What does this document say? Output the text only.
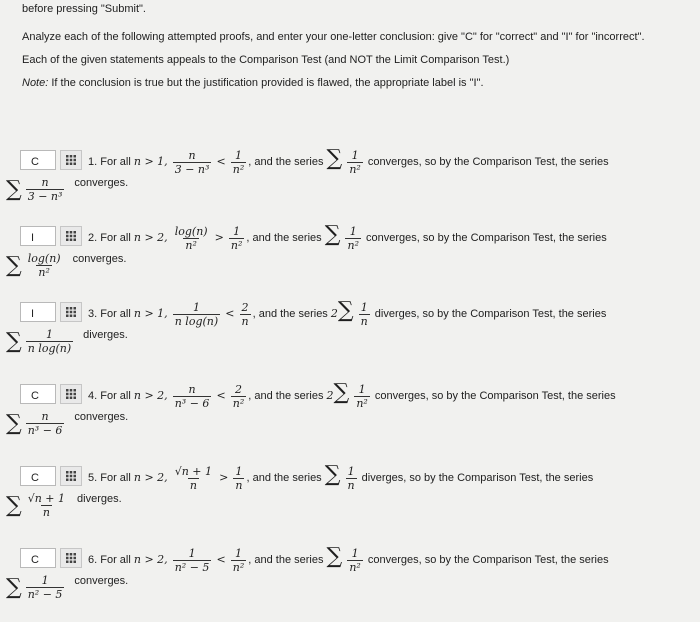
before pressing "Submit".

Analyze each of the following attempted proofs, and enter your one-letter conclusion: give "C" for "correct" and "I" for "incorrect".

Each of the given statements appeals to the Comparison Test (and NOT the Limit Comparison Test.)

Note: If the conclusion is true but the justification provided is flawed, the appropriate label is "I".

C
1. For all n > 1, $\frac{n}{\text{3 − n³}} < \frac{1}{\text{n²}}$ , and the series ∑ $\frac{1}{\text{n²}}$ converges, so by the Comparison Test, the series
∑ $\frac{n}{\text{3 − n³}}$ converges.
I
2. For all n > 2, $\frac{\log(n)}{\text{n²}} > \frac{1}{\text{n²}}$ , and the series ∑ $\frac{1}{\text{n²}}$ converges, so by the Comparison Test, the series
∑ $\frac{\log(n)}{\text{n²}}$ converges.
I
3. For all n > 1, $\frac{1}{\text{n log(n)}} < \frac{2}{n}$ , and the series $2\sum \frac{1}{n}$ diverges, so by the Comparison Test, the series
∑ $\frac{1}{\text{n log(n)}}$ diverges.
C
4. For all n > 2, $\frac{n}{\text{n³ − 6}} < \frac{2}{\text{n²}}$ , and the series $2\sum \frac{1}{\text{n²}}$ converges, so by the Comparison Test, the series
∑ $\frac{n}{\text{n³ − 6}}$ converges.
C
5. For all n > 2, $\frac{√n + 1}{n} > \frac{1}{n}$ , and the series ∑ $\frac{1}{n}$ diverges, so by the Comparison Test, the series
∑ $\frac{√n + 1}{n}$ diverges.
C
6. For all n > 2, $\frac{1}{\text{n² − 5}} < \frac{1}{\text{n²}}$ , and the series ∑ $\frac{1}{\text{n²}}$ converges, so by the Comparison Test, the series
∑ $\frac{1}{\text{n² − 5}}$ converges.
